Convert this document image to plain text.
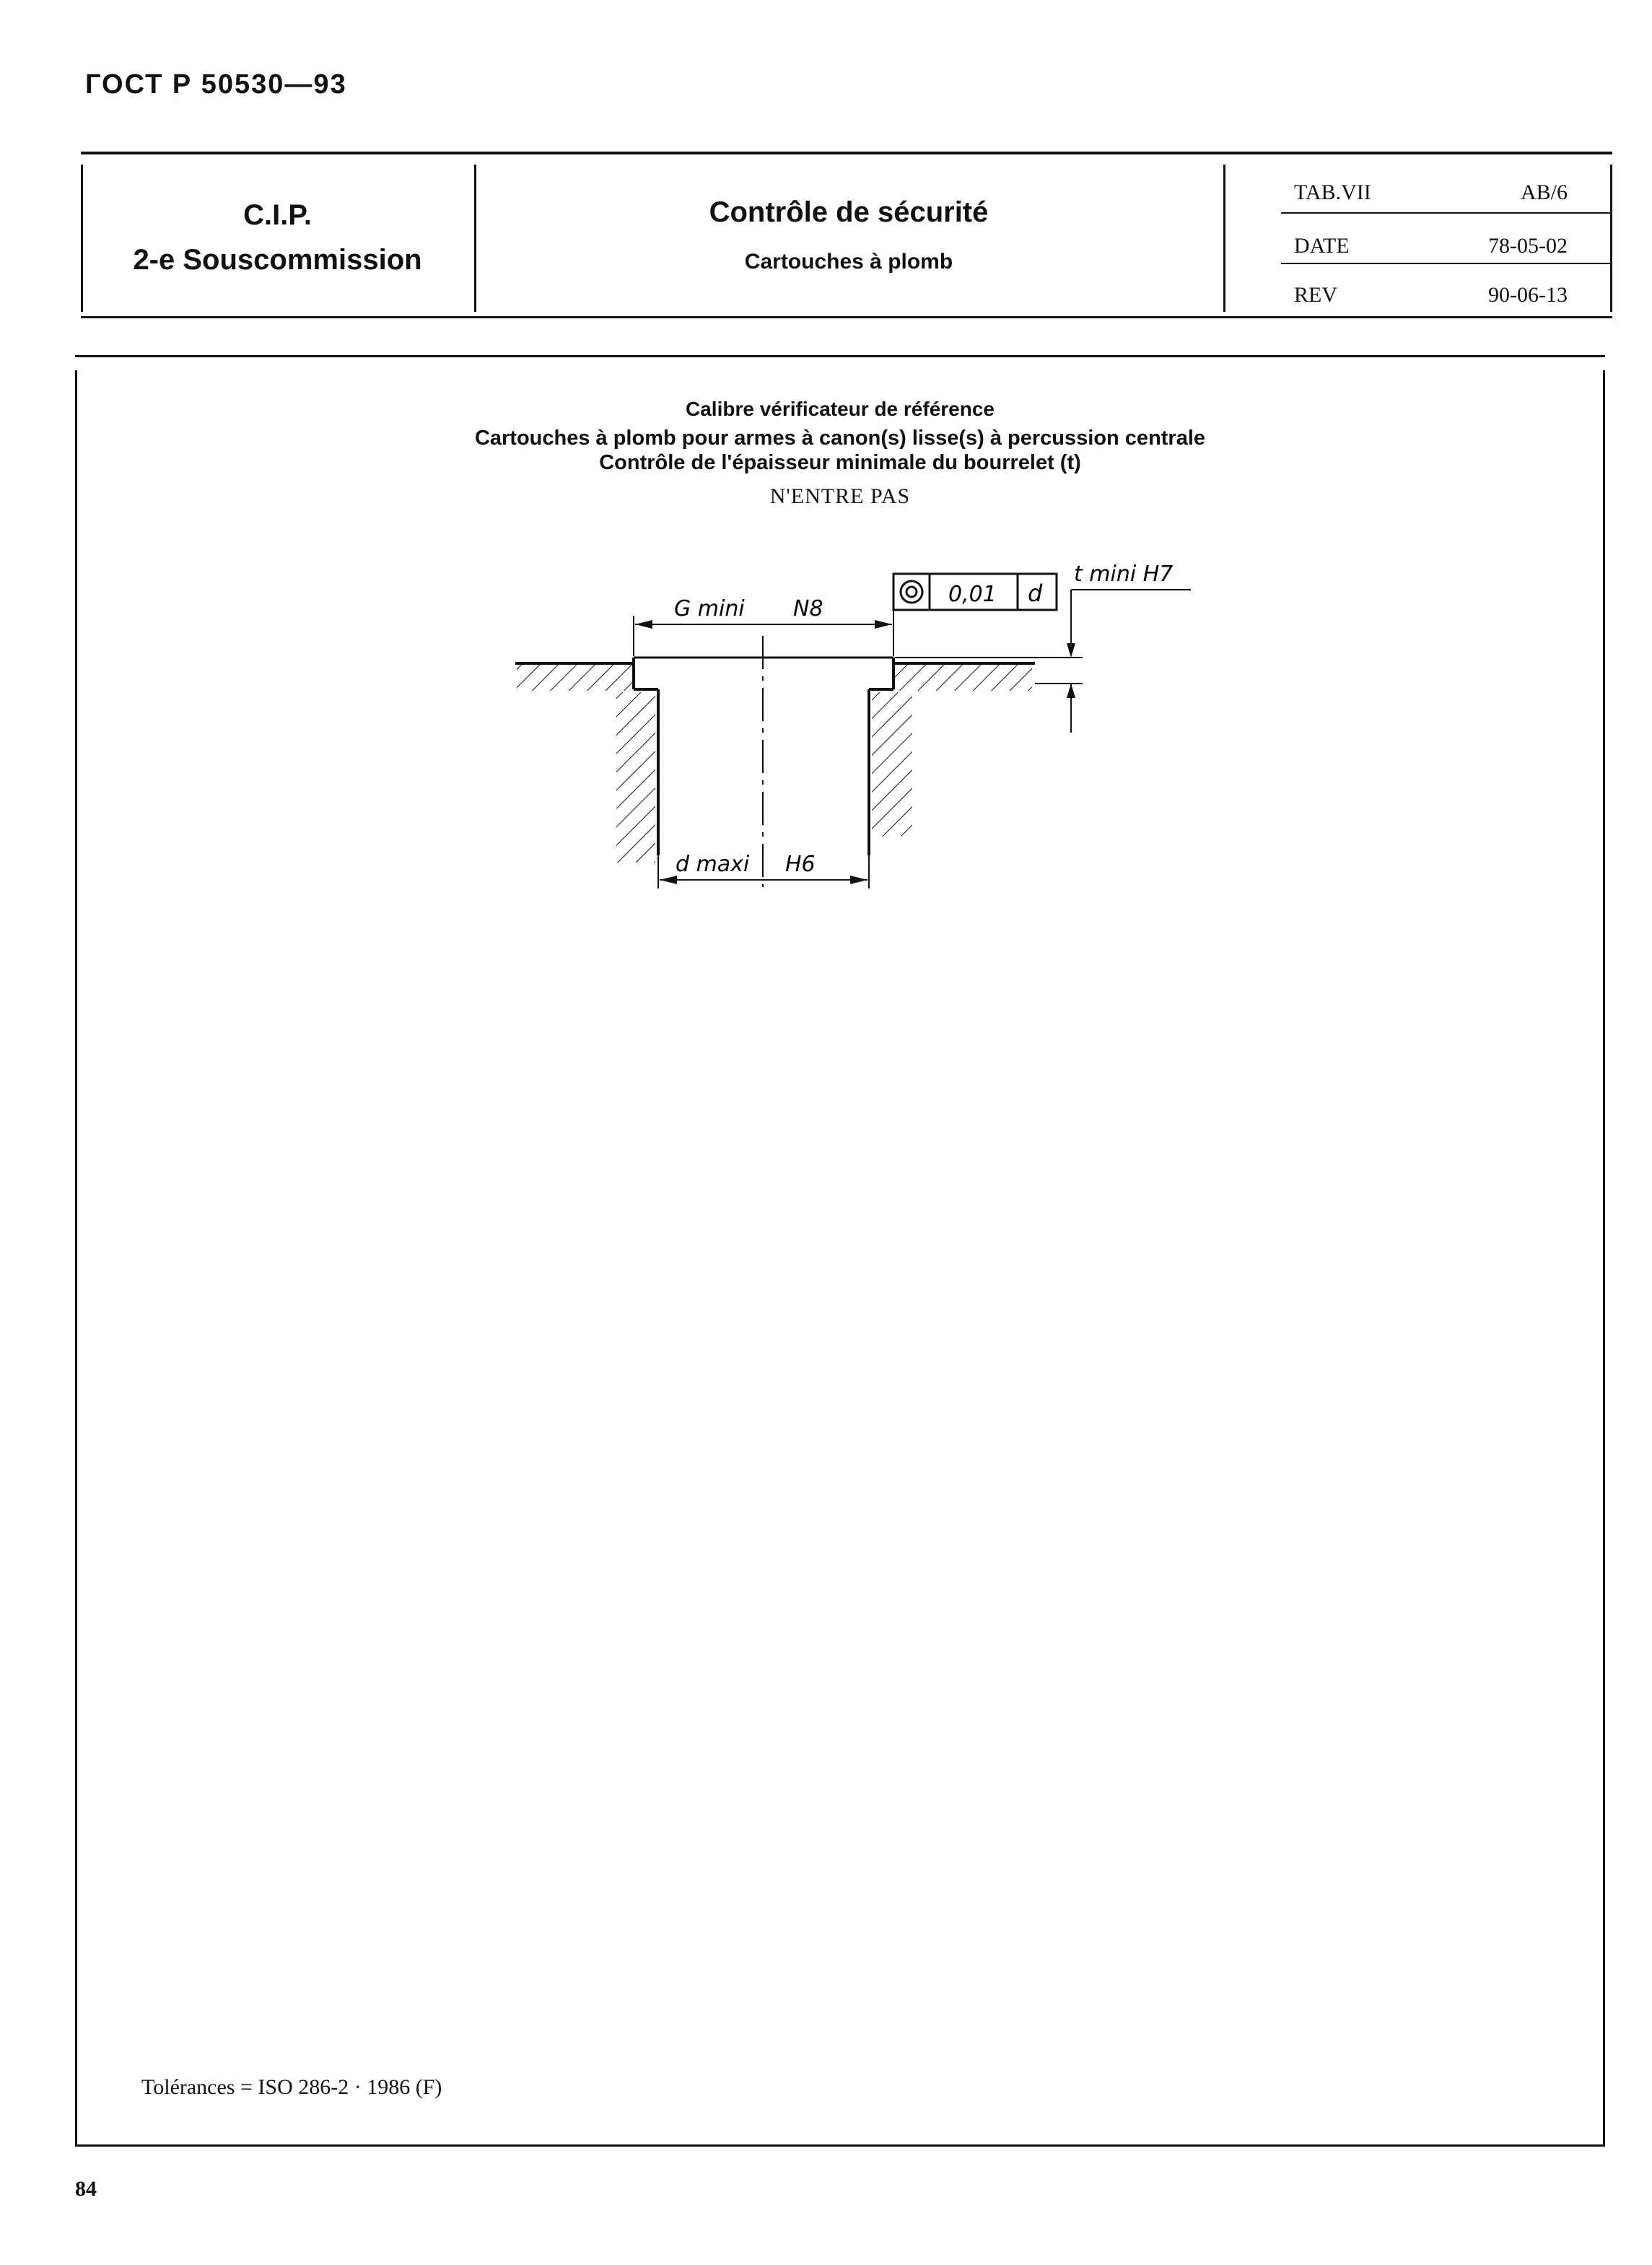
ГОСТ Р 50530—93
C.I.P.
2-e Souscommission
Contrôle de sécurité
Cartouches à plomb
TAB.VII	AB/6
DATE	78-05-02
REV	90-06-13
Calibre vérificateur de référence
Cartouches à plomb pour armes à canon(s) lisse(s) à percussion centrale
Contrôle de l'épaisseur minimale du bourrelet (t)
N'ENTRE PAS
G mini N8
d maxi H6
0,01 d
t mini H7
Tolérances = ISO 286-2 · 1986 (F)
84
